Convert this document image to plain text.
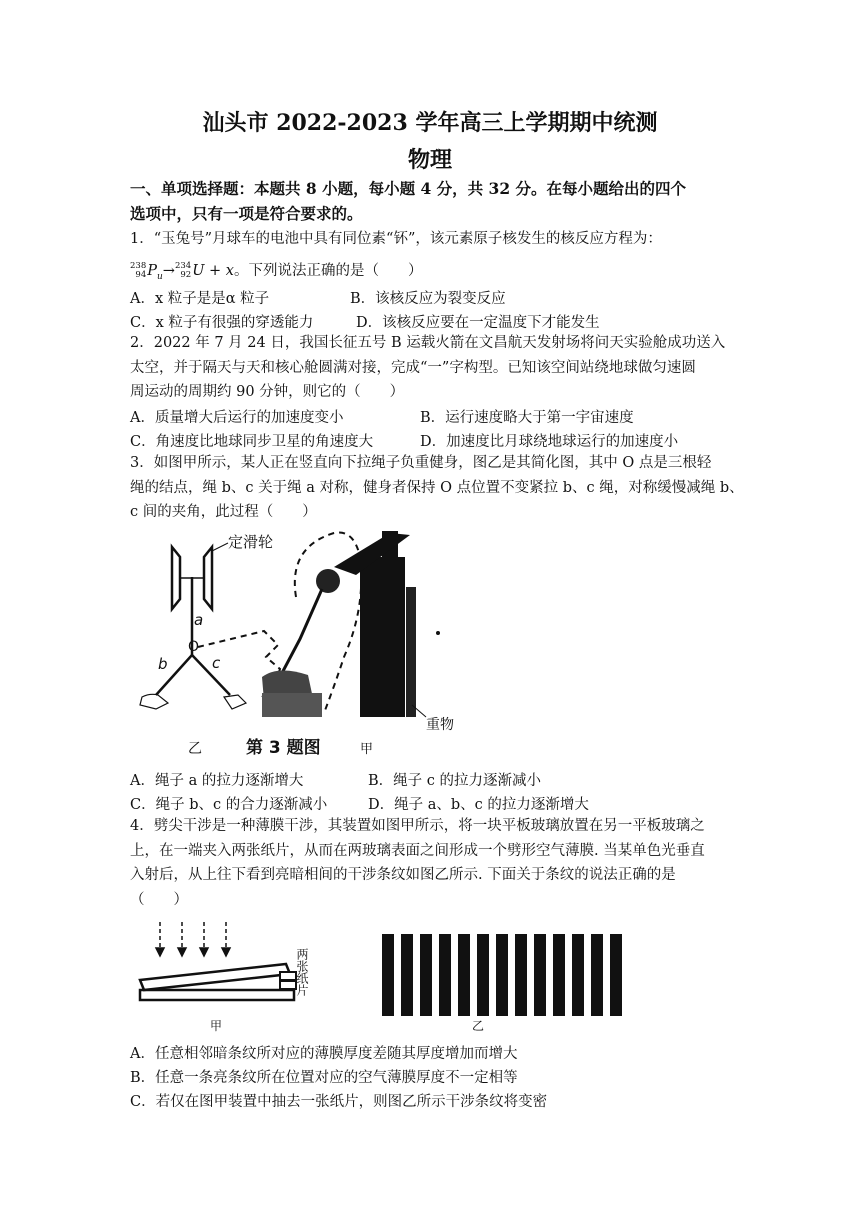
汕头市 2022-2023 学年高三上学期期中统测
物理
一、单项选择题：本题共 8 小题，每小题 4 分，共 32 分。在每小题给出的四个
选项中，只有一项是符合要求的。
1．“玉兔号”月球车的电池中具有同位素“钚”，该元素原子核发生的核反应方程为：
238
$94P_u\to 234$
92U + x。下列说法正确的是（　　）
A．x 粒子是是α 粒子	B．该核反应为裂变反应
C．x 粒子有很强的穿透能力	D．该核反应要在一定温度下才能发生
2．2022 年 7 月 24 日，我国长征五号 B 运载火箭在文昌航天发射场将问天实验舱成功送入
太空，并于隔天与天和核心舱圆满对接，完成“一”字构型。已知该空间站绕地球做匀速圆
周运动的周期约 90 分钟，则它的（　　）
A．质量增大后运行的加速度变小	B．运行速度略大于第一宇宙速度
C．角速度比地球同步卫星的角速度大	D．加速度比月球绕地球运行的加速度小
3．如图甲所示，某人正在竖直向下拉绳子负重健身，图乙是其简化图，其中 O 点是三根轻
绳的结点，绳 b、c 关于绳 a 对称，健身者保持 O 点位置不变紧拉 b、c 绳，对称缓慢减绳 b、
c 间的夹角，此过程（　　）
定滑轮
a
O
b	c
重物
乙	第 3 题图	甲
A．绳子 a 的拉力逐渐增大	B．绳子 c 的拉力逐渐减小
C．绳子 b、c 的合力逐渐减小	D．绳子 a、b、c 的拉力逐渐增大
4．劈尖干涉是一种薄膜干涉，其装置如图甲所示，将一块平板玻璃放置在另一平板玻璃之
上，在一端夹入两张纸片，从而在两玻璃表面之间形成一个劈形空气薄膜. 当某单色光垂直
入射后，从上往下看到亮暗相间的干涉条纹如图乙所示. 下面关于条纹的说法正确的是
（　　）
两张纸片
甲	乙
A．任意相邻暗条纹所对应的薄膜厚度差随其厚度增加而增大
B．任意一条亮条纹所在位置对应的空气薄膜厚度不一定相等
C．若仅在图甲装置中抽去一张纸片，则图乙所示干涉条纹将变密
